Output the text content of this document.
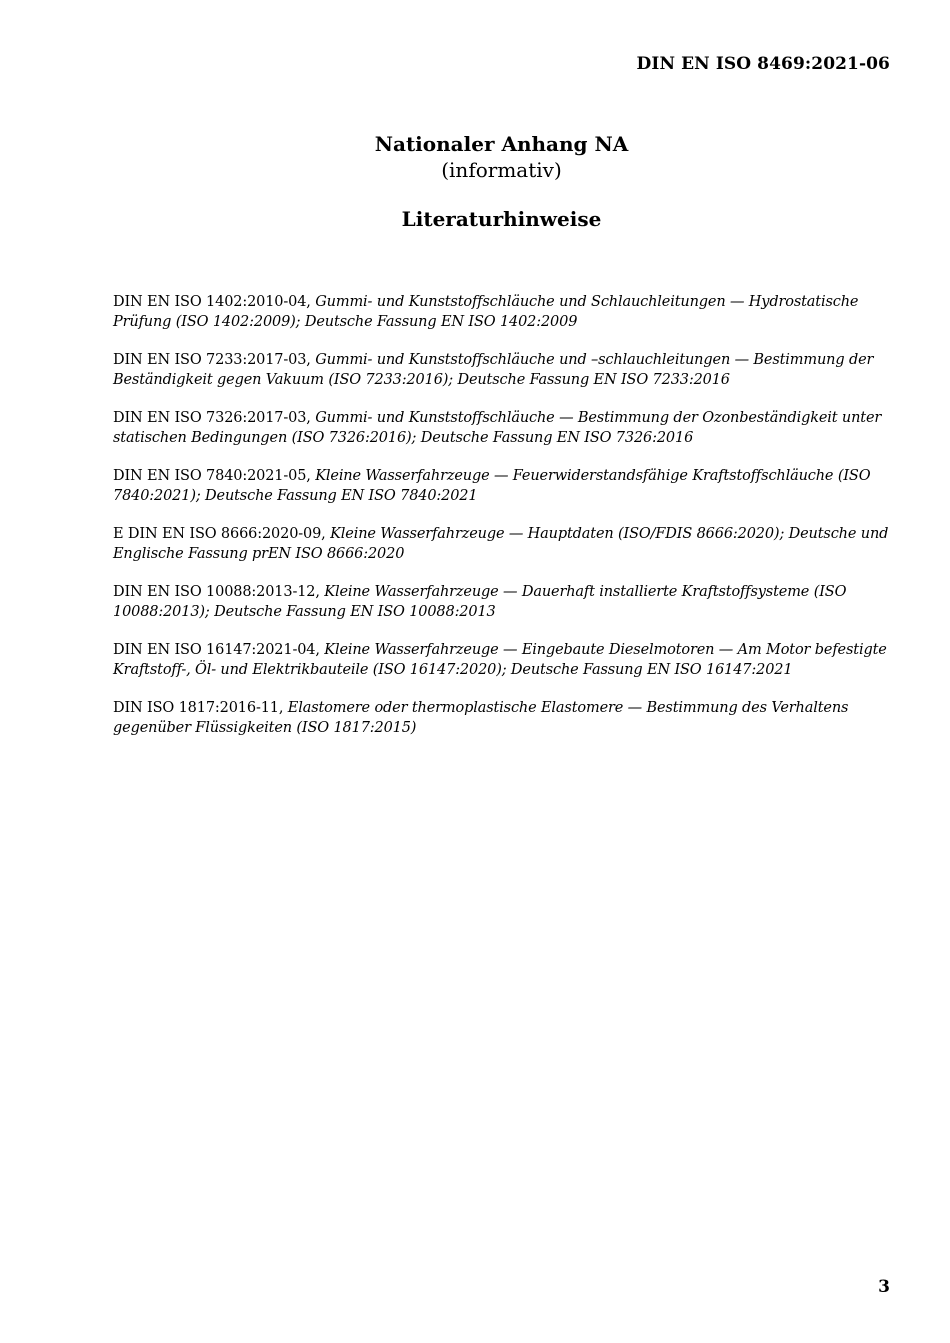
DIN EN ISO 8469:2021-06
Nationaler Anhang NA
(informativ)
Literaturhinweise

DIN EN ISO 1402:2010-04, Gummi- und Kunststoffschläuche und Schlauchleitungen — Hydrostatische Prüfung (ISO 1402:2009); Deutsche Fassung EN ISO 1402:2009

DIN EN ISO 7233:2017-03, Gummi- und Kunststoffschläuche und –schlauchleitungen — Bestimmung der Beständigkeit gegen Vakuum (ISO 7233:2016); Deutsche Fassung EN ISO 7233:2016

DIN EN ISO 7326:2017-03, Gummi- und Kunststoffschläuche — Bestimmung der Ozonbeständigkeit unter statischen Bedingungen (ISO 7326:2016); Deutsche Fassung EN ISO 7326:2016

DIN EN ISO 7840:2021-05, Kleine Wasserfahrzeuge — Feuerwiderstandsfähige Kraftstoffschläuche (ISO 7840:2021); Deutsche Fassung EN ISO 7840:2021

E DIN EN ISO 8666:2020-09, Kleine Wasserfahrzeuge — Hauptdaten (ISO/FDIS 8666:2020); Deutsche und Englische Fassung prEN ISO 8666:2020

DIN EN ISO 10088:2013-12, Kleine Wasserfahrzeuge — Dauerhaft installierte Kraftstoffsysteme (ISO 10088:2013); Deutsche Fassung EN ISO 10088:2013

DIN EN ISO 16147:2021-04, Kleine Wasserfahrzeuge — Eingebaute Dieselmotoren — Am Motor befestigte Kraftstoff-, Öl- und Elektrikbauteile (ISO 16147:2020); Deutsche Fassung EN ISO 16147:2021

DIN ISO 1817:2016-11, Elastomere oder thermoplastische Elastomere — Bestimmung des Verhaltens gegenüber Flüssigkeiten (ISO 1817:2015)

3
